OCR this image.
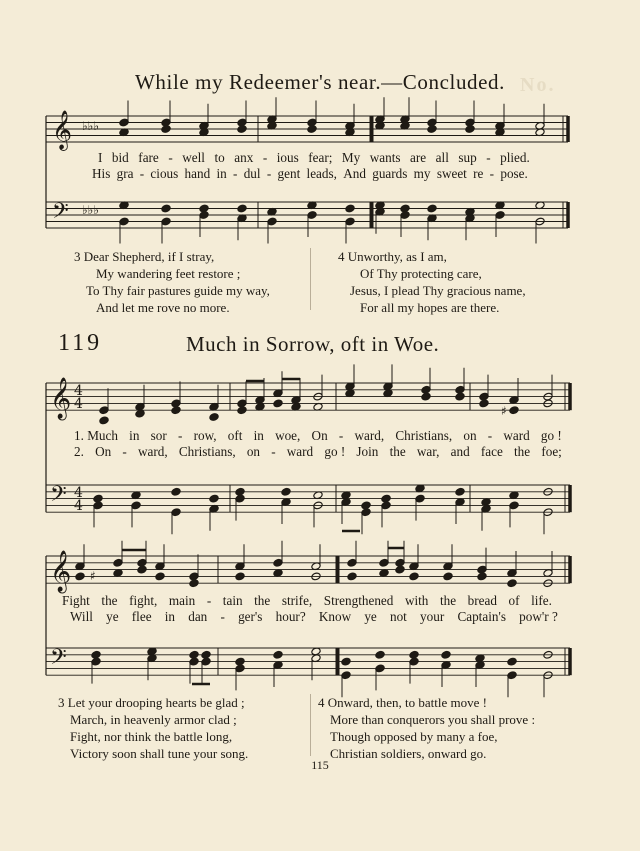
No.
While my Redeemer's near.—Concluded.
𝄞
𝄢
♭♭♭
♭♭♭
𝄞
𝄢
4
4
4
4
♯
𝄞
𝄢
♯
I bid fare - well to anx - ious fear; My wants are all sup - plied.
His gra - cious hand in - dul - gent leads, And guards my sweet re - pose.
3 Dear Shepherd, if I stray,
My wandering feet restore ;
To Thy fair pastures guide my way,
And let me rove no more.
4 Unworthy, as I am,
Of Thy protecting care,
Jesus, I plead Thy gracious name,
For all my hopes are there.
119	Much in Sorrow, oft in Woe.
1. Much in sor - row, oft in woe, On - ward, Christians, on - ward go !
2. On - ward, Christians, on - ward go ! Join the war, and face the foe;
Fight the fight, main - tain the strife, Strengthened with the bread of life.
Will ye flee in dan - ger's hour? Know ye not your Captain's pow'r ?
3 Let your drooping hearts be glad ;
March, in heavenly armor clad ;
Fight, nor think the battle long,
Victory soon shall tune your song.
4 Onward, then, to battle move !
More than conquerors you shall prove :
Though opposed by many a foe,
Christian soldiers, onward go.
115
